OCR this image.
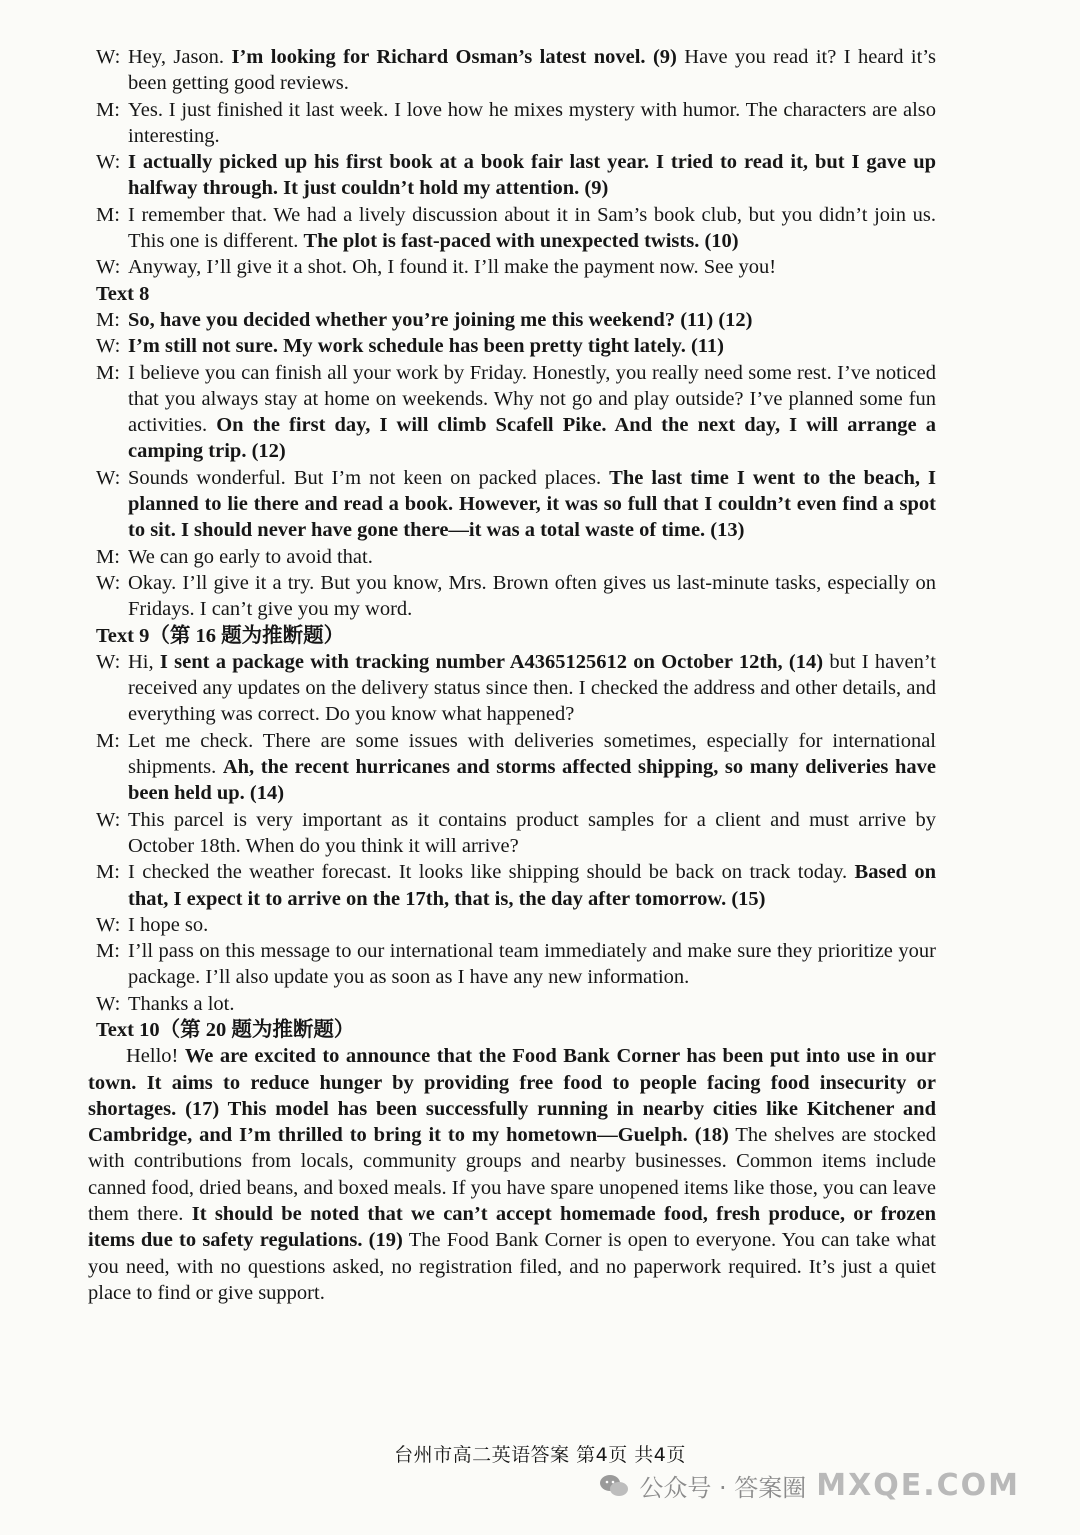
W: Hey, Jason. I’m looking for Richard Osman’s latest novel. (9) Have you read it? I heard it’s been getting good reviews.
M: Yes. I just finished it last week. I love how he mixes mystery with humor. The characters are also interesting.
W: I actually picked up his first book at a book fair last year. I tried to read it, but I gave up halfway through. It just couldn’t hold my attention. (9)
M: I remember that. We had a lively discussion about it in Sam’s book club, but you didn’t join us. This one is different. The plot is fast-paced with unexpected twists. (10)
W: Anyway, I’ll give it a shot. Oh, I found it. I’ll make the payment now. See you!
Text 8
M: So, have you decided whether you’re joining me this weekend? (11) (12)
W: I’m still not sure. My work schedule has been pretty tight lately. (11)
M: I believe you can finish all your work by Friday. Honestly, you really need some rest. I’ve noticed that you always stay at home on weekends. Why not go and play outside? I’ve planned some fun activities. On the first day, I will climb Scafell Pike. And the next day, I will arrange a camping trip. (12)
W: Sounds wonderful. But I’m not keen on packed places. The last time I went to the beach, I planned to lie there and read a book. However, it was so full that I couldn’t even find a spot to sit. I should never have gone there—it was a total waste of time. (13)
M: We can go early to avoid that.
W: Okay. I’ll give it a try. But you know, Mrs. Brown often gives us last-minute tasks, especially on Fridays. I can’t give you my word.
Text 9（第 16 题为推断题）
W: Hi, I sent a package with tracking number A4365125612 on October 12th, (14) but I haven’t received any updates on the delivery status since then. I checked the address and other details, and everything was correct. Do you know what happened?
M: Let me check. There are some issues with deliveries sometimes, especially for international shipments. Ah, the recent hurricanes and storms affected shipping, so many deliveries have been held up. (14)
W: This parcel is very important as it contains product samples for a client and must arrive by October 18th. When do you think it will arrive?
M: I checked the weather forecast. It looks like shipping should be back on track today. Based on that, I expect it to arrive on the 17th, that is, the day after tomorrow. (15)
W: I hope so.
M: I’ll pass on this message to our international team immediately and make sure they prioritize your package. I’ll also update you as soon as I have any new information.
W: Thanks a lot.
Text 10（第 20 题为推断题）
Hello! We are excited to announce that the Food Bank Corner has been put into use in our town. It aims to reduce hunger by providing free food to people facing food insecurity or shortages. (17) This model has been successfully running in nearby cities like Kitchener and Cambridge, and I’m thrilled to bring it to my hometown—Guelph. (18) The shelves are stocked with contributions from locals, community groups and nearby businesses. Common items include canned food, dried beans, and boxed meals. If you have spare unopened items like those, you can leave them there. It should be noted that we can’t accept homemade food, fresh produce, or frozen items due to safety regulations. (19) The Food Bank Corner is open to everyone. You can take what you need, with no questions asked, no registration filed, and no paperwork required. It’s just a quiet place to find or give support.
台州市高二英语答案 第4页 共4页
公众号 · 答案圈 MXQE.COM
